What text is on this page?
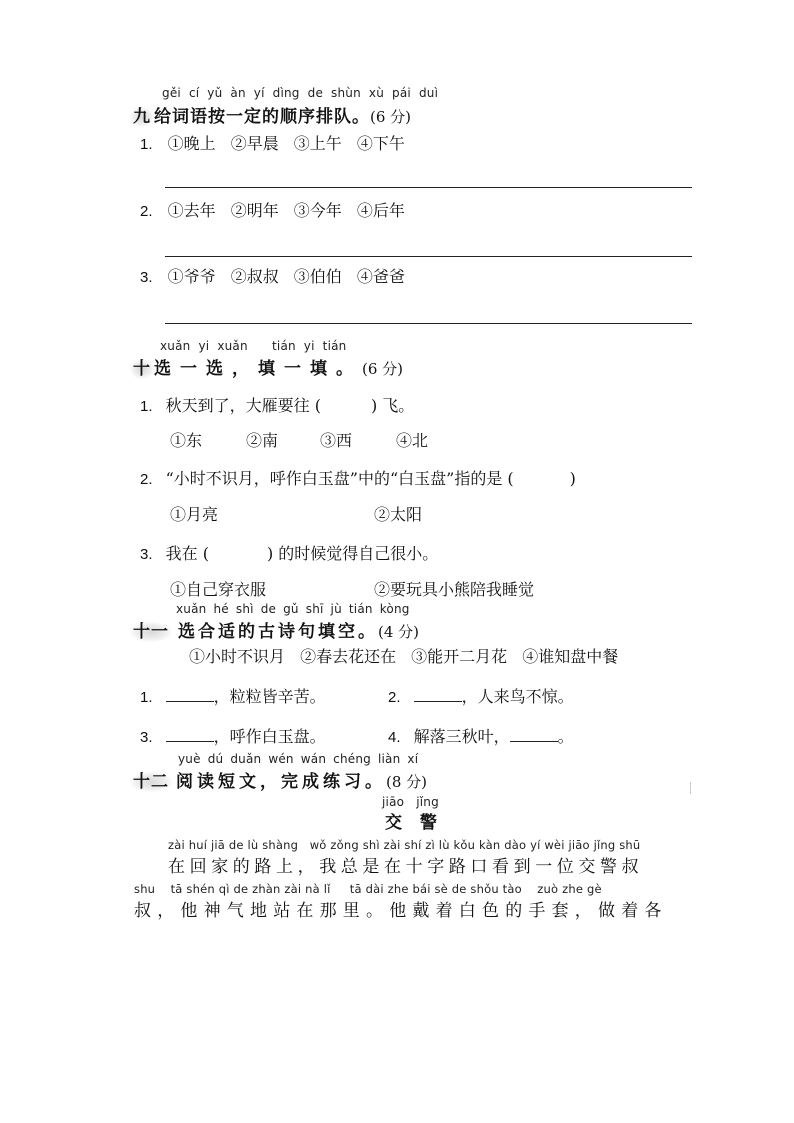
gěi cí yǔ àn yí dìng de shùn xù pái duì
九 给词语按一定的顺序排队。(6 分)
1. ①晚上 ②早晨 ③上午 ④下午
2. ①去年 ②明年 ③今年 ④后年
3. ①爷爷 ②叔叔 ③伯伯 ④爸爸
xuǎn yi xuǎn tián yi tián
十 选一选，填一填。(6 分)
1. 秋天到了，大雁要往 (	) 飞。
①东	②南	③西	④北
2. “小时不识月，呼作白玉盘”中的“白玉盘”指的是 (	)
①月亮	②太阳
3. 我在 (	) 的时候觉得自己很小。
①自己穿衣服	②要玩具小熊陪我睡觉
xuǎn hé shì de gǔ shī jù tián kòng
十一 选合适的古诗句填空。(4 分)
①小时不识月 ②春去花还在 ③能开二月花 ④谁知盘中餐
1.	，粒粒皆辛苦。	2.	，人来鸟不惊。
3.	，呼作白玉盘。	4. 解落三秋叶，	。
yuè dú duǎn wén wán chéng liàn xí
十二 阅读短文，完成练习。(8 分)
jiāo   jǐng
交  警
zài huí jiā de lù shàng   wǒ zǒng shì zài shí zì lù kǒu kàn dào yí wèi jiāo jǐng shū
在回家的路上，我总是在十字路口看到一位交警叔
shu    tā shén qì de zhàn zài nà lǐ     tā dài zhe bái sè de shǒu tào    zuò zhe gè
叔，他神气地站在那里。他戴着白色的手套，做着各
